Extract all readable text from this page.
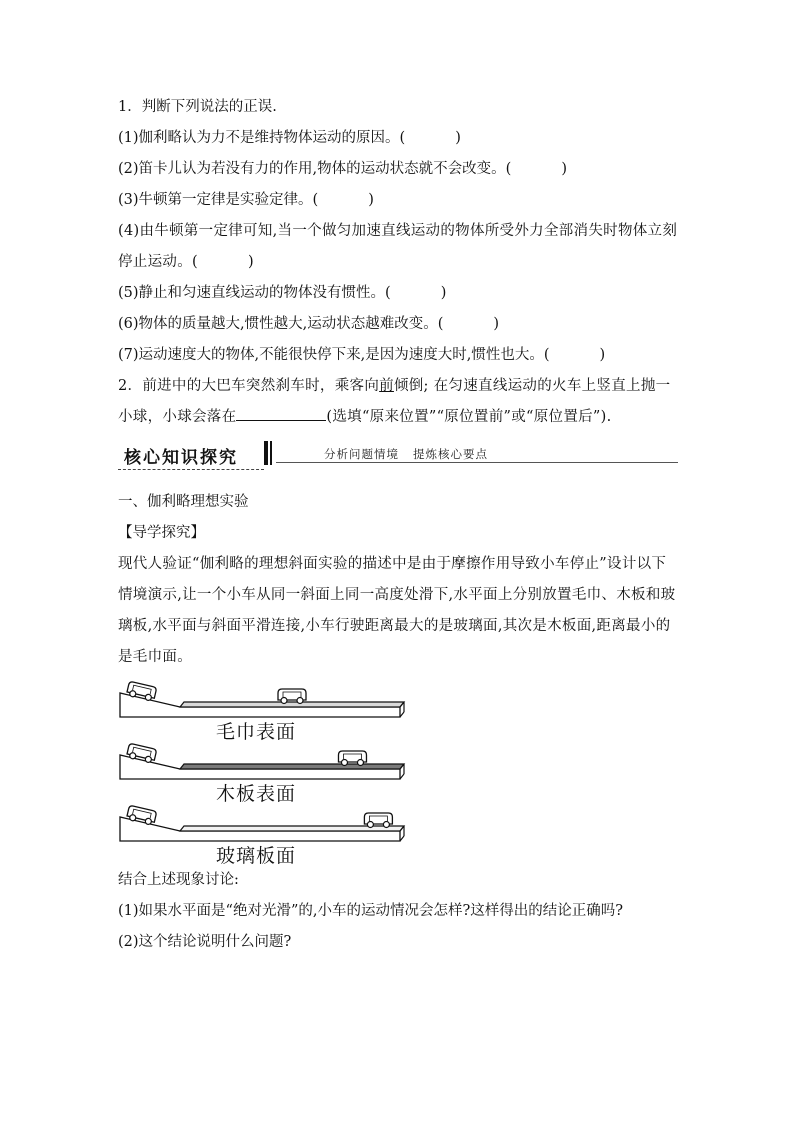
1．判断下列说法的正误.
(1)伽利略认为力不是维持物体运动的原因。(	)
(2)笛卡儿认为若没有力的作用,物体的运动状态就不会改变。(	)
(3)牛顿第一定律是实验定律。(	)
(4)由牛顿第一定律可知,当一个做匀加速直线运动的物体所受外力全部消失时物体立刻停止运动。(	)
(5)静止和匀速直线运动的物体没有惯性。(	)
(6)物体的质量越大,惯性越大,运动状态越难改变。(	)
(7)运动速度大的物体,不能很快停下来,是因为速度大时,惯性也大。(	)
2．前进中的大巴车突然刹车时，乘客向前倾倒; 在匀速直线运动的火车上竖直上抛一小球，小球会落在	(选填“原来位置”“原位置前”或“原位置后”).
核心知识探究	分析问题情境 提炼核心要点
一、伽利略理想实验
【导学探究】
现代人验证“伽利略的理想斜面实验的描述中是由于摩擦作用导致小车停止”设计以下情境演示,让一个小车从同一斜面上同一高度处滑下,水平面上分别放置毛巾、木板和玻璃板,水平面与斜面平滑连接,小车行驶距离最大的是玻璃面,其次是木板面,距离最小的是毛巾面。
毛巾表面
木板表面
玻璃板面
结合上述现象讨论:
(1)如果水平面是“绝对光滑”的,小车的运动情况会怎样?这样得出的结论正确吗?
(2)这个结论说明什么问题?
